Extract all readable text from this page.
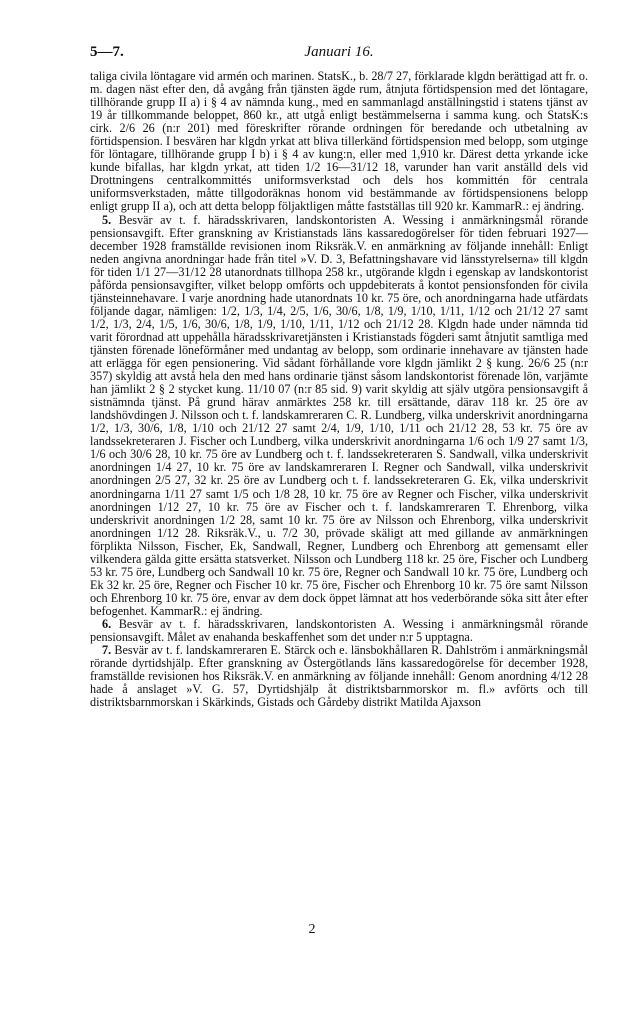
5—7.	Januari 16.

taliga civila löntagare vid armén och marinen. StatsK., b. 28/7 27, förklarade klgdn berättigad att fr. o. m. dagen näst efter den, då avgång från tjänsten ägde rum, åtnjuta förtidspension med det löntagare, tillhörande grupp II a) i § 4 av nämnda kung., med en sammanlagd anställningstid i statens tjänst av 19 år tillkommande beloppet, 860 kr., att utgå enligt bestämmelserna i samma kung. och StatsK:s cirk. 2/6 26 (n:r 201) med föreskrifter rörande ordningen för beredande och utbetalning av förtidspension. I besvären har klgdn yrkat att bliva tillerkänd förtidspension med belopp, som utginge för löntagare, tillhörande grupp I b) i § 4 av kung:n, eller med 1,910 kr. Därest detta yrkande icke kunde bifallas, har klgdn yrkat, att tiden 1/2 16—31/12 18, varunder han varit anställd dels vid Drottningens centralkommittés uniformsverkstad och dels hos kommittén för centrala uniformsverkstaden, måtte tillgodoräknas honom vid bestämmande av förtidspensionens belopp enligt grupp II a), och att detta belopp följaktligen måtte fastställas till 920 kr. KammarR.: ej ändring.

5. Besvär av t. f. häradsskrivaren, landskontoristen A. Wessing i anmärkningsmål rörande pensionsavgift. Efter granskning av Kristianstads läns kassaredogörelser för tiden februari 1927—december 1928 framställde revisionen inom Riksräk.V. en anmärkning av följande innehåll: Enligt neden angivna anordningar hade från titel »V. D. 3, Befattningshavare vid länsstyrelserna» till klgdn för tiden 1/1 27—31/12 28 utanordnats tillhopa 258 kr., utgörande klgdn i egenskap av landskontorist påförda pensionsavgifter, vilket belopp omförts och uppdebiterats å kontot pensionsfonden för civila tjänsteinnehavare. I varje anordning hade utanordnats 10 kr. 75 öre, och anordningarna hade utfärdats följande dagar, nämligen: 1/2, 1/3, 1/4, 2/5, 1/6, 30/6, 1/8, 1/9, 1/10, 1/11, 1/12 och 21/12 27 samt 1/2, 1/3, 2/4, 1/5, 1/6, 30/6, 1/8, 1/9, 1/10, 1/11, 1/12 och 21/12 28. Klgdn hade under nämnda tid varit förordnad att uppehålla häradsskrivaretjänsten i Kristianstads fögderi samt åtnjutit samtliga med tjänsten förenade löneförmåner med undantag av belopp, som ordinarie innehavare av tjänsten hade att erlägga för egen pensionering. Vid sådant förhållande vore klgdn jämlikt 2 § kung. 26/6 25 (n:r 357) skyldig att avstå hela den med hans ordinarie tjänst såsom landskontorist förenade lön, varjämte han jämlikt 2 § 2 stycket kung. 11/10 07 (n:r 85 sid. 9) varit skyldig att själv utgöra pensionsavgift å sistnämnda tjänst. På grund härav anmärktes 258 kr. till ersättande, därav 118 kr. 25 öre av landshövdingen J. Nilsson och t. f. landskamreraren C. R. Lundberg, vilka underskrivit anordningarna 1/2, 1/3, 30/6, 1/8, 1/10 och 21/12 27 samt 2/4, 1/9, 1/10, 1/11 och 21/12 28, 53 kr. 75 öre av landssekreteraren J. Fischer och Lundberg, vilka underskrivit anordningarna 1/6 och 1/9 27 samt 1/3, 1/6 och 30/6 28, 10 kr. 75 öre av Lundberg och t. f. landssekreteraren S. Sandwall, vilka underskrivit anordningen 1/4 27, 10 kr. 75 öre av landskamreraren I. Regner och Sandwall, vilka underskrivit anordningen 2/5 27, 32 kr. 25 öre av Lundberg och t. f. landssekreteraren G. Ek, vilka underskrivit anordningarna 1/11 27 samt 1/5 och 1/8 28, 10 kr. 75 öre av Regner och Fischer, vilka underskrivit anordningen 1/12 27, 10 kr. 75 öre av Fischer och t. f. landskamreraren T. Ehrenborg, vilka underskrivit anordningen 1/2 28, samt 10 kr. 75 öre av Nilsson och Ehrenborg, vilka underskrivit anordningen 1/12 28. Riksräk.V., u. 7/2 30, prövade skäligt att med gillande av anmärkningen förpliktа Nilsson, Fischer, Ek, Sandwall, Regner, Lundberg och Ehrenborg att gemensamt eller vilkendera gälda gitte ersätta statsverket. Nilsson och Lundberg 118 kr. 25 öre, Fischer och Lundberg 53 kr. 75 öre, Lundberg och Sandwall 10 kr. 75 öre, Regner och Sandwall 10 kr. 75 öre, Lundberg och Ek 32 kr. 25 öre, Regner och Fischer 10 kr. 75 öre, Fischer och Ehrenborg 10 kr. 75 öre samt Nilsson och Ehrenborg 10 kr. 75 öre, envar av dem dock öppet lämnat att hos vederbörande söka sitt åter efter befogenhet. KammarR.: ej ändring.

6. Besvär av t. f. häradsskrivaren, landskontoristen A. Wessing i anmärkningsmål rörande pensionsavgift. Målet av enahanda beskaffenhet som det under n:r 5 upptagna.

7. Besvär av t. f. landskamreraren E. Stärck och e. länsbokhållaren R. Dahlström i anmärkningsmål rörande dyrtidshjälp. Efter granskning av Östergötlands läns kassaredogörelse för december 1928, framställde revisionen hos Riksräk.V. en anmärkning av följande innehåll: Genom anordning 4/12 28 hade å anslaget »V. G. 57, Dyrtidshjälp åt distriktsbarnmorskor m. fl.» avförts och till distriktsbarnmorskan i Skärkinds, Gistads och Gårdeby distrikt Matilda Ajaxson

2
